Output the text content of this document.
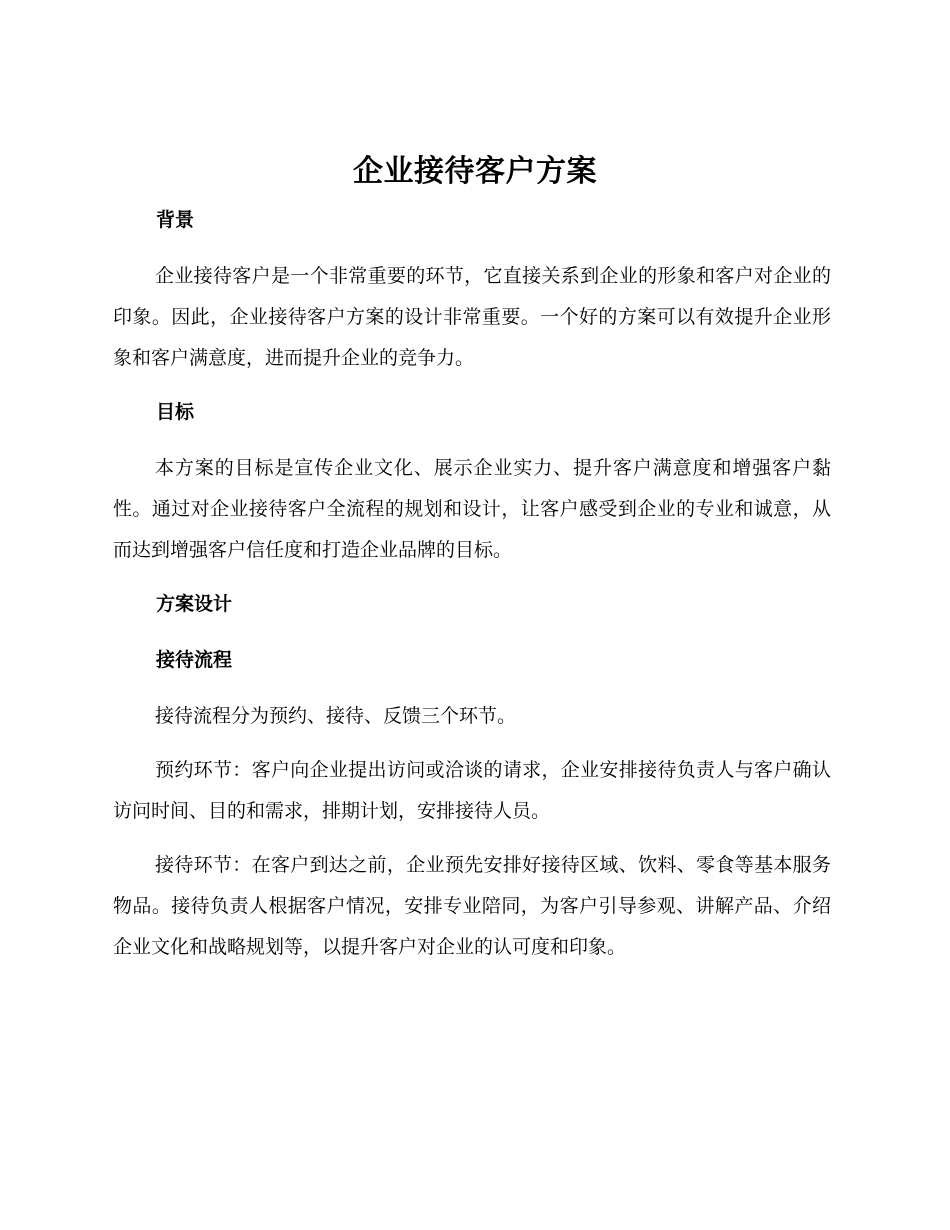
企业接待客户方案
背景

企业接待客户是一个非常重要的环节，它直接关系到企业的形象和客户对企业的印象。因此，企业接待客户方案的设计非常重要。一个好的方案可以有效提升企业形象和客户满意度，进而提升企业的竞争力。

目标

本方案的目标是宣传企业文化、展示企业实力、提升客户满意度和增强客户黏性。通过对企业接待客户全流程的规划和设计，让客户感受到企业的专业和诚意，从而达到增强客户信任度和打造企业品牌的目标。

方案设计
接待流程

接待流程分为预约、接待、反馈三个环节。

预约环节：客户向企业提出访问或洽谈的请求，企业安排接待负责人与客户确认访问时间、目的和需求，排期计划，安排接待人员。

接待环节：在客户到达之前，企业预先安排好接待区域、饮料、零食等基本服务物品。接待负责人根据客户情况，安排专业陪同，为客户引导参观、讲解产品、介绍企业文化和战略规划等，以提升客户对企业的认可度和印象。
